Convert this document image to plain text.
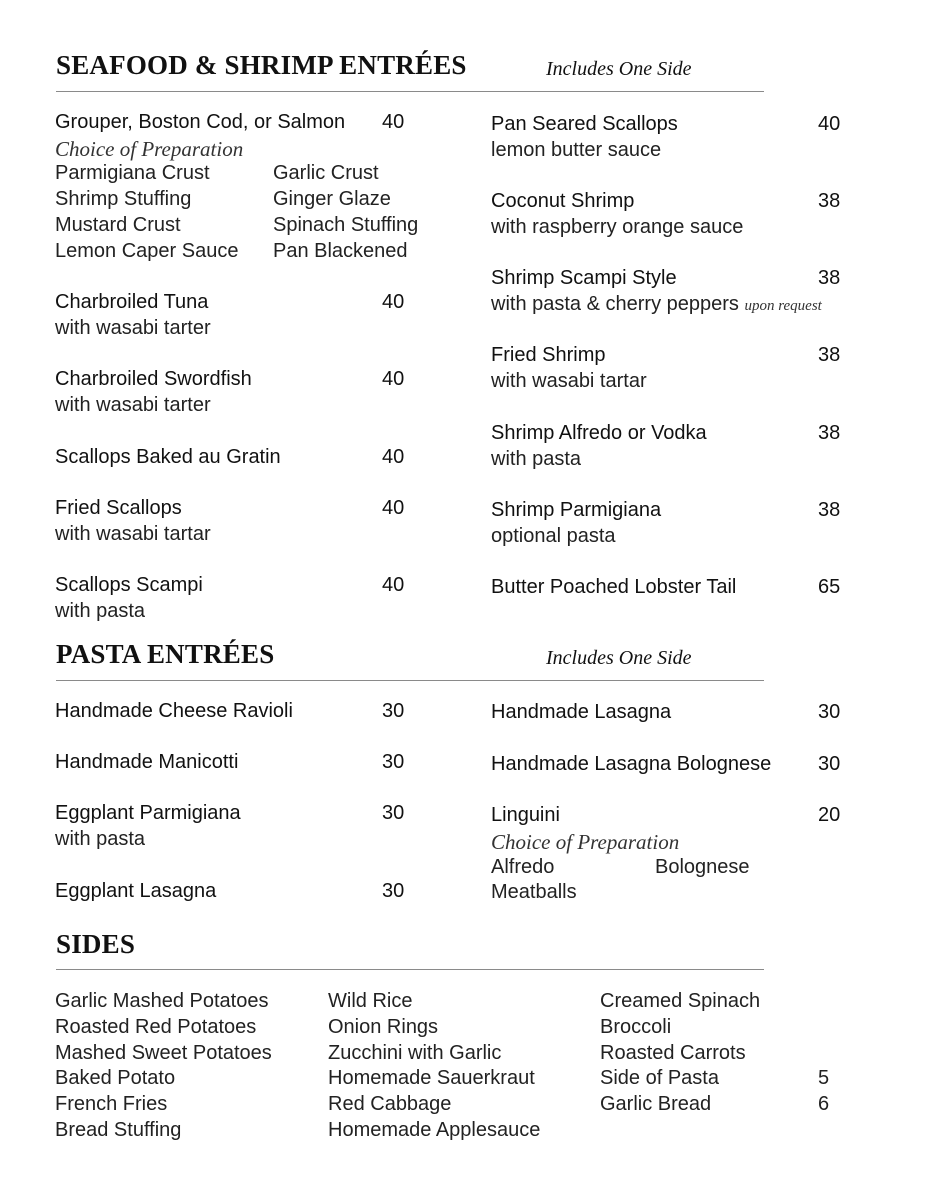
SEAFOOD & SHRIMP ENTRÉES	Includes One Side
Grouper, Boston Cod, or Salmon 40
Choice of Preparation
Parmigiana Crust	Garlic Crust
Shrimp Stuffing	Ginger Glaze
Mustard Crust	Spinach Stuffing
Lemon Caper Sauce Pan Blackened
Charbroiled Tuna	40
with wasabi tarter
Charbroiled Swordfish	40
with wasabi tarter
Scallops Baked au Gratin	40
Fried Scallops	40
with wasabi tartar
Scallops Scampi	40
with pasta
Pan Seared Scallops	40
lemon butter sauce
Coconut Shrimp	38
with raspberry orange sauce
Shrimp Scampi Style	38
with pasta & cherry peppers upon request
Fried Shrimp	38
with wasabi tartar
Shrimp Alfredo or Vodka	38
with pasta
Shrimp Parmigiana	38
optional pasta
Butter Poached Lobster Tail	65
PASTA ENTRÉES	Includes One Side
Handmade Cheese Ravioli	30
Handmade Manicotti	30
Eggplant Parmigiana	30
with pasta
Eggplant Lasagna	30
Handmade Lasagna	30
Handmade Lasagna Bolognese 30
Linguini	20
Choice of Preparation
Alfredo	Bolognese
Meatballs
SIDES
Garlic Mashed Potatoes
Roasted Red Potatoes
Mashed Sweet Potatoes
Baked Potato
French Fries
Bread Stuffing
Wild Rice
Onion Rings
Zucchini with Garlic
Homemade Sauerkraut
Red Cabbage
Homemade Applesauce
Creamed Spinach
Broccoli
Roasted Carrots
Side of Pasta	5
Garlic Bread	6
